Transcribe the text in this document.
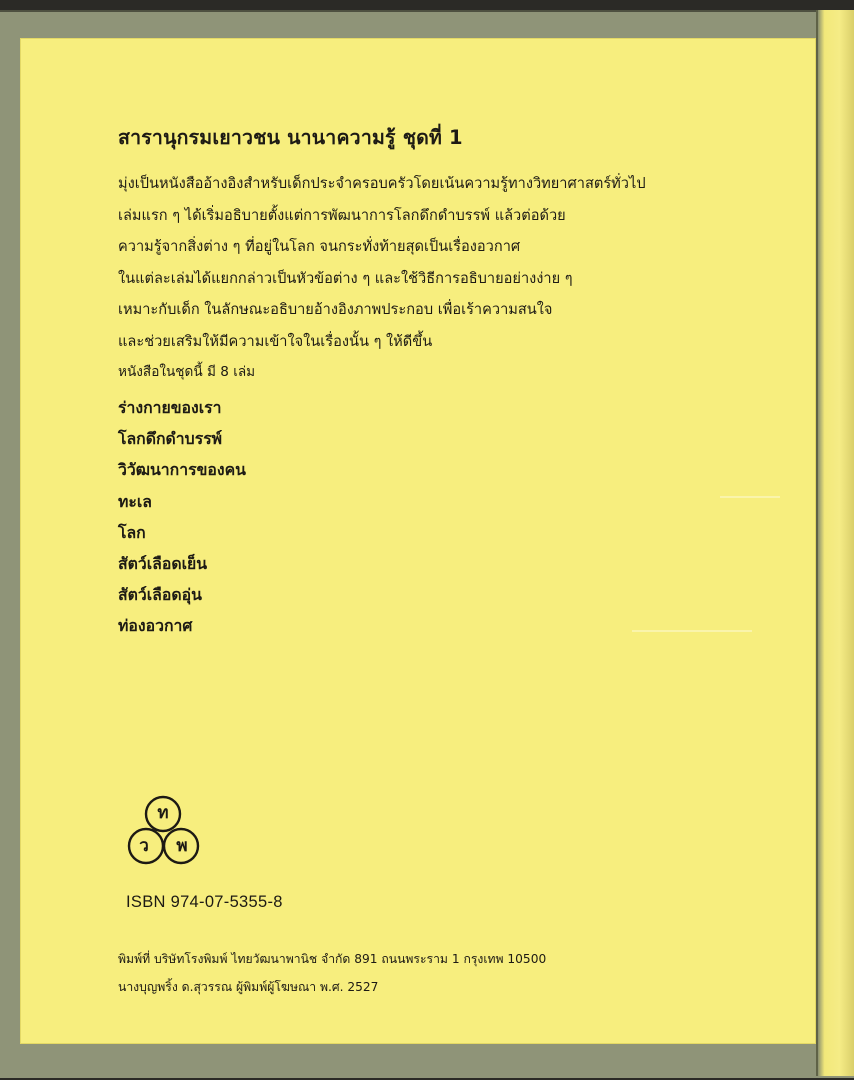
สารานุกรมเยาวชน นานาความรู้ ชุดที่ 1
มุ่งเป็นหนังสืออ้างอิงสำหรับเด็กประจำครอบครัวโดยเน้นความรู้ทางวิทยาศาสตร์ทั่วไป
เล่มแรก ๆ ได้เริ่มอธิบายตั้งแต่การพัฒนาการโลกดึกดำบรรพ์ แล้วต่อด้วย
ความรู้จากสิ่งต่าง ๆ ที่อยู่ในโลก จนกระทั่งท้ายสุดเป็นเรื่องอวกาศ
ในแต่ละเล่มได้แยกกล่าวเป็นหัวข้อต่าง ๆ และใช้วิธีการอธิบายอย่างง่าย ๆ
เหมาะกับเด็ก ในลักษณะอธิบายอ้างอิงภาพประกอบ เพื่อเร้าความสนใจ
และช่วยเสริมให้มีความเข้าใจในเรื่องนั้น ๆ ให้ดีขึ้น
หนังสือในชุดนี้ มี 8 เล่ม
ร่างกายของเรา
โลกดึกดำบรรพ์
วิวัฒนาการของคน
ทะเล
โลก
สัตว์เลือดเย็น
สัตว์เลือดอุ่น
ท่องอวกาศ
ท
ว พ
ISBN 974-07-5355-8
พิมพ์ที่ บริษัทโรงพิมพ์ ไทยวัฒนาพานิช จำกัด 891 ถนนพระราม 1 กรุงเทพ 10500
นางบุญพริ้ง ด.สุวรรณ ผู้พิมพ์ผู้โฆษณา พ.ศ. 2527
